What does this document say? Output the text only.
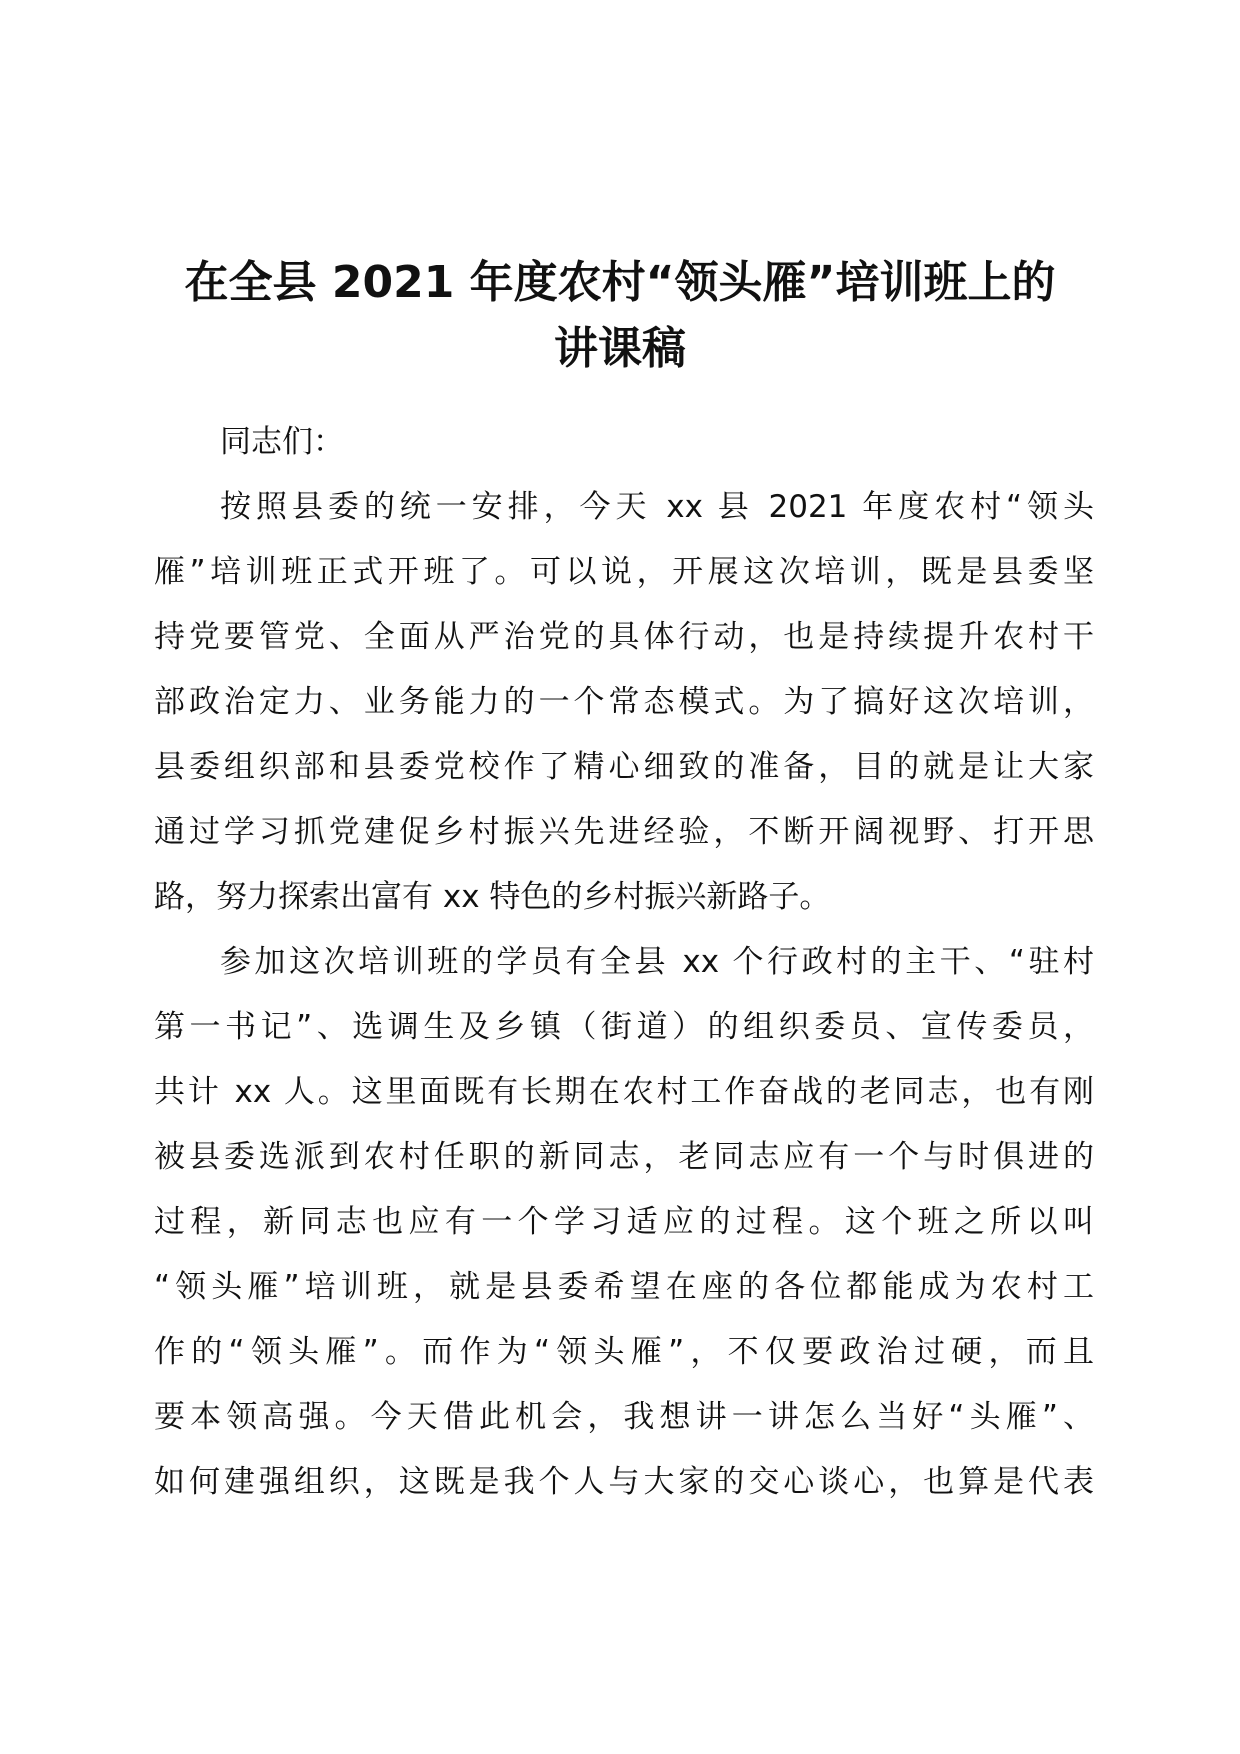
在全县 2021 年度农村“领头雁”培训班上的
讲课稿
同志们：
按照县委的统一安排，今天 xx 县 2021 年度农村“领头
雁”培训班正式开班了。可以说，开展这次培训，既是县委坚
持党要管党、全面从严治党的具体行动，也是持续提升农村干
部政治定力、业务能力的一个常态模式。为了搞好这次培训，
县委组织部和县委党校作了精心细致的准备，目的就是让大家
通过学习抓党建促乡村振兴先进经验，不断开阔视野、打开思
路，努力探索出富有 xx 特色的乡村振兴新路子。
参加这次培训班的学员有全县 xx 个行政村的主干、“驻村
第一书记”、选调生及乡镇（街道）的组织委员、宣传委员，
共计 xx 人。这里面既有长期在农村工作奋战的老同志，也有刚
被县委选派到农村任职的新同志，老同志应有一个与时俱进的
过程，新同志也应有一个学习适应的过程。这个班之所以叫
“领头雁”培训班，就是县委希望在座的各位都能成为农村工
作的“领头雁”。而作为“领头雁”，不仅要政治过硬，而且
要本领高强。今天借此机会，我想讲一讲怎么当好“头雁”、
如何建强组织，这既是我个人与大家的交心谈心，也算是代表
